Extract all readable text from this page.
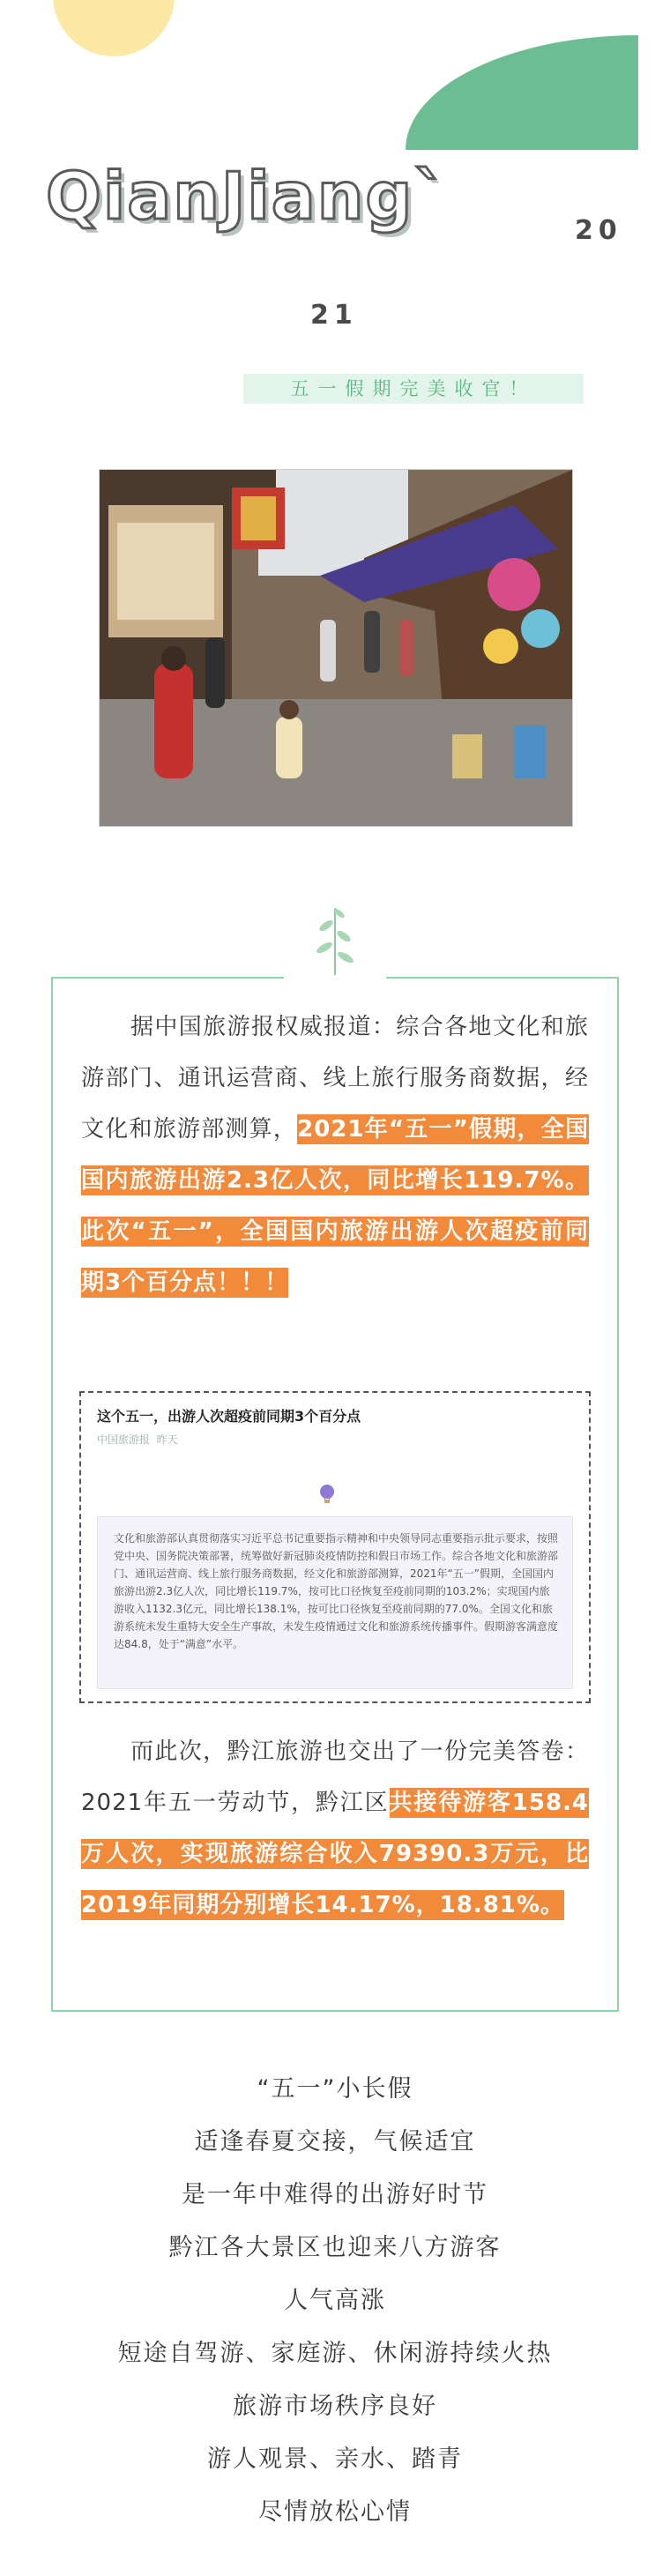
QianJiang`	20
21
五一假期完美收官！
据中国旅游报权威报道：综合各地文化和旅游部门、通讯运营商、线上旅行服务商数据，经文化和旅游部测算，2021年“五一”假期，全国国内旅游出游2.3亿人次，同比增长119.7%。此次“五一”，全国国内旅游出游人次超疫前同期3个百分点！！！
这个五一，出游人次超疫前同期3个百分点
中国旅游报 昨天
文化和旅游部认真贯彻落实习近平总书记重要指示精神和中央领导同志重要指示批示要求，按照党中央、国务院决策部署，统筹做好新冠肺炎疫情防控和假日市场工作。综合各地文化和旅游部门、通讯运营商、线上旅行服务商数据，经文化和旅游部测算，2021年“五一”假期，全国国内旅游出游2.3亿人次，同比增长119.7%，按可比口径恢复至疫前同期的103.2%；实现国内旅游收入1132.3亿元，同比增长138.1%，按可比口径恢复至疫前同期的77.0%。全国文化和旅游系统未发生重特大安全生产事故，未发生疫情通过文化和旅游系统传播事件。假期游客满意度达84.8，处于“满意”水平。
而此次，黔江旅游也交出了一份完美答卷：2021年五一劳动节，黔江区共接待游客158.4万人次，实现旅游综合收入79390.3万元，比2019年同期分别增长14.17%，18.81%。
“五一”小长假
适逢春夏交接，气候适宜
是一年中难得的出游好时节
黔江各大景区也迎来八方游客
人气高涨
短途自驾游、家庭游、休闲游持续火热
旅游市场秩序良好
游人观景、亲水、踏青
尽情放松心情
